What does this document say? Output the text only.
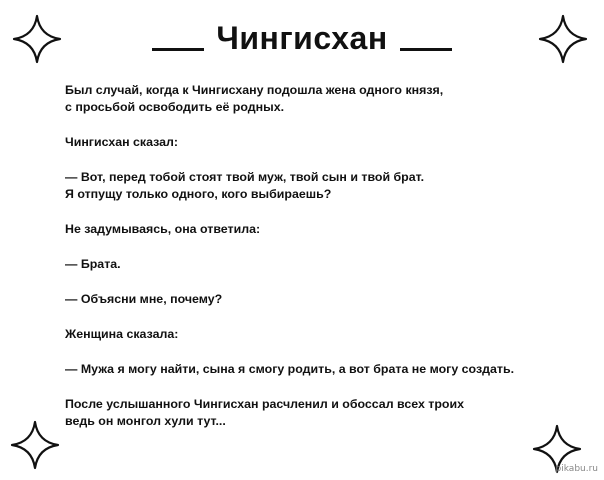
Чингисхан

Был случай, когда к Чингисхану подошла жена одного князя,
с просьбой освободить её родных.

Чингисхан сказал:

— Вот, перед тобой стоят твой муж, твой сын и твой брат.
Я отпущу только одного, кого выбираешь?

Не задумываясь, она ответила:

— Брата.

— Объясни мне, почему?

Женщина сказала:

— Мужа я могу найти, сына я смогу родить, а вот брата не могу создать.

После услышанного Чингисхан расчленил и обоссал всех троих
ведь он монгол хули тут...

pikabu.ru
